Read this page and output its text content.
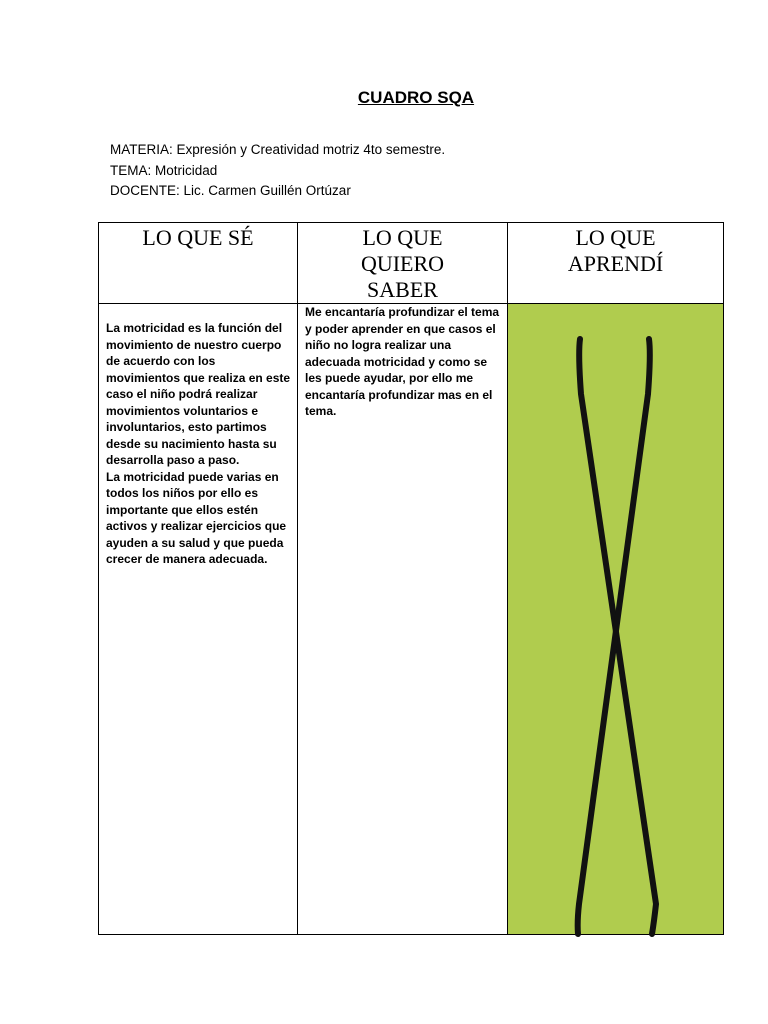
CUADRO SQA
MATERIA: Expresión y Creatividad motriz 4to semestre.
TEMA: Motricidad
DOCENTE: Lic. Carmen Guillén Ortúzar
LO QUE SÉ	LO QUE QUIERO SABER	LO QUE APRENDÍ

La motricidad es la función del movimiento de nuestro cuerpo de acuerdo con los movimientos que realiza en este caso el niño podrá realizar movimientos voluntarios e involuntarios, esto partimos desde su nacimiento hasta su desarrolla paso a paso.
La motricidad puede varias en todos los niños por ello es importante que ellos estén activos y realizar ejercicios que ayuden a su salud y que pueda crecer de manera adecuada.	Me encantaría profundizar el tema y poder aprender en que casos el niño no logra realizar una adecuada motricidad y como se les puede ayudar, por ello me encantaría profundizar mas en el tema.
